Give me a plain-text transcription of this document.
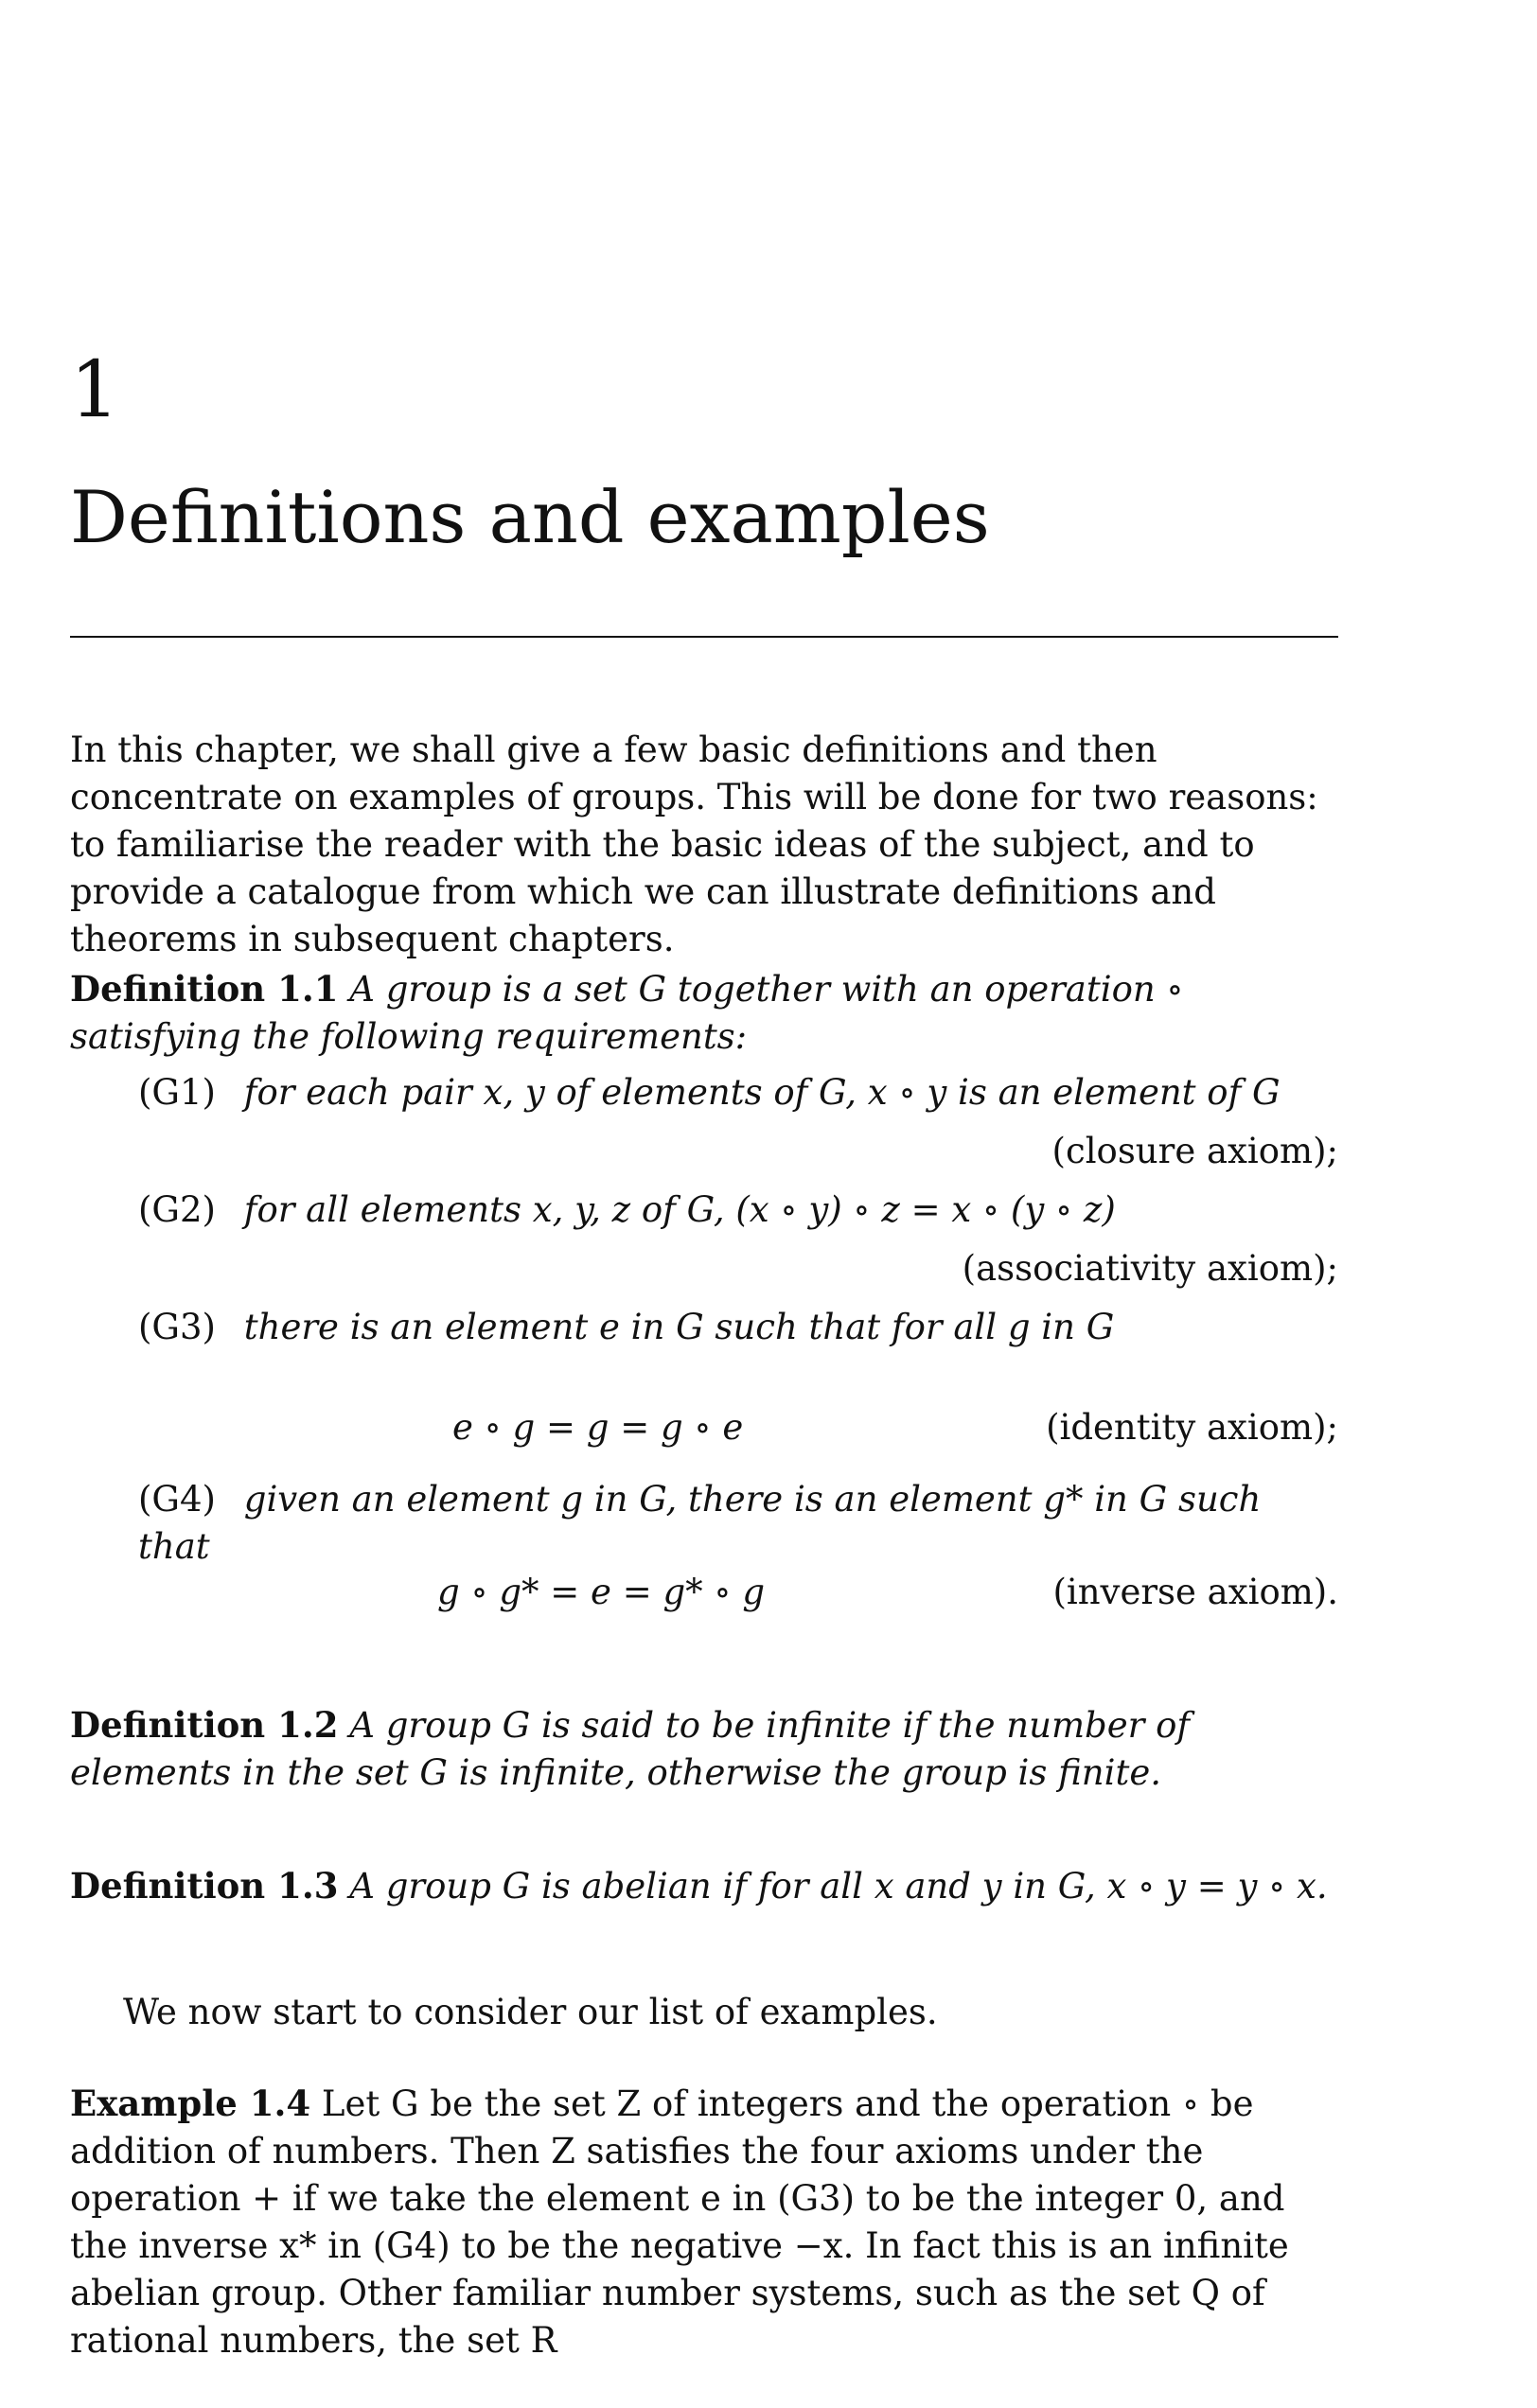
1
Definitions and examples

In this chapter, we shall give a few basic definitions and then concentrate on examples of groups. This will be done for two reasons: to familiarise the reader with the basic ideas of the subject, and to provide a catalogue from which we can illustrate definitions and theorems in subsequent chapters.

Definition 1.1 A group is a set G together with an operation ∘ satisfying the following requirements:
(G1) for each pair x, y of elements of G, x ∘ y is an element of G
(closure axiom);
(G2) for all elements x, y, z of G, (x ∘ y) ∘ z = x ∘ (y ∘ z)
(associativity axiom);
(G3) there is an element e in G such that for all g in G
e ∘ g = g = g ∘ e	(identity axiom);
(G4) given an element g in G, there is an element g* in G such that
g ∘ g* = e = g* ∘ g	(inverse axiom).
Definition 1.2 A group G is said to be infinite if the number of elements in the set G is infinite, otherwise the group is finite.
Definition 1.3 A group G is abelian if for all x and y in G, x ∘ y = y ∘ x.
We now start to consider our list of examples.
Example 1.4 Let G be the set Z of integers and the operation ∘ be addition of numbers. Then Z satisfies the four axioms under the operation + if we take the element e in (G3) to be the integer 0, and the inverse x* in (G4) to be the negative −x. In fact this is an infinite abelian group. Other familiar number systems, such as the set Q of rational numbers, the set R
